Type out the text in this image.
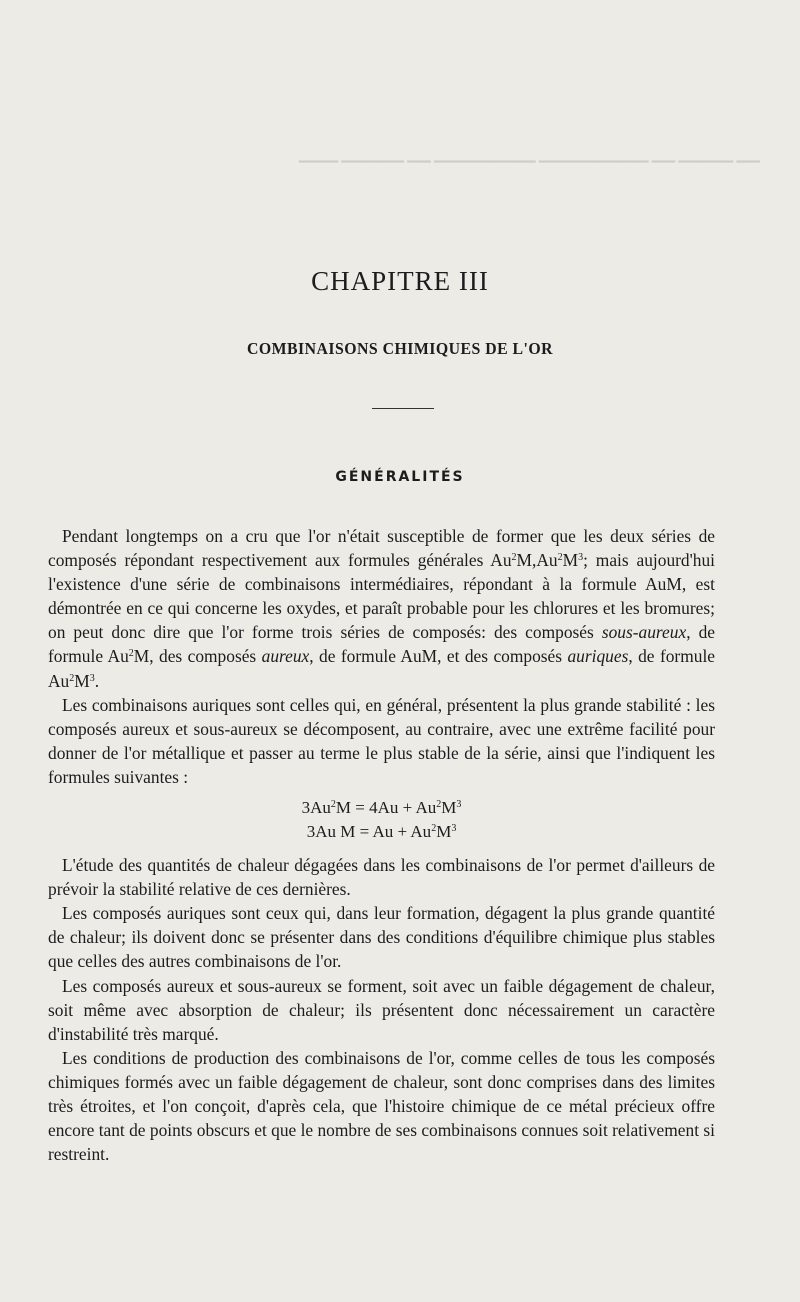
━━━ ━━━━━━━ ━━━ ━━━━━━━━━━━━━━ ━━━━━━━━━━━━━ ━━━ ━━━━━━━━ ━━━━━
CHAPITRE III
COMBINAISONS CHIMIQUES DE L'OR
GÉNÉRALITÉS

Pendant longtemps on a cru que l'or n'était susceptible de former que les deux séries de composés répondant respectivement aux formules générales $Au^2M,Au^2M^3$; mais aujourd'hui l'existence d'une série de combinaisons intermédiaires, répondant à la formule AuM, est démontrée en ce qui concerne les oxydes, et paraît probable pour les chlorures et les bromures; on peut donc dire que l'or forme trois séries de composés: des composés sous-aureux, de formule Au$^2$M, des composés aureux, de formule AuM, et des composés auriques, de formule $Au^2M^3$.

Les combinaisons auriques sont celles qui, en général, présentent la plus grande stabilité : les composés aureux et sous-aureux se décomposent, au contraire, avec une extrême facilité pour donner de l'or métallique et passer au terme le plus stable de la série, ainsi que l'indiquent les formules suivantes :

$3Au^2M = 4Au + Au^2M^3$
3Au $M = Au + Au^2M^3$

L'étude des quantités de chaleur dégagées dans les combinaisons de l'or permet d'ailleurs de prévoir la stabilité relative de ces dernières.

Les composés auriques sont ceux qui, dans leur formation, dégagent la plus grande quantité de chaleur; ils doivent donc se présenter dans des conditions d'équilibre chimique plus stables que celles des autres combinaisons de l'or.

Les composés aureux et sous-aureux se forment, soit avec un faible dégagement de chaleur, soit même avec absorption de chaleur; ils présentent donc nécessairement un caractère d'instabilité très marqué.

Les conditions de production des combinaisons de l'or, comme celles de tous les composés chimiques formés avec un faible dégagement de chaleur, sont donc comprises dans des limites très étroites, et l'on conçoit, d'après cela, que l'histoire chimique de ce métal précieux offre encore tant de points obscurs et que le nombre de ses combinaisons connues soit relativement si restreint.
